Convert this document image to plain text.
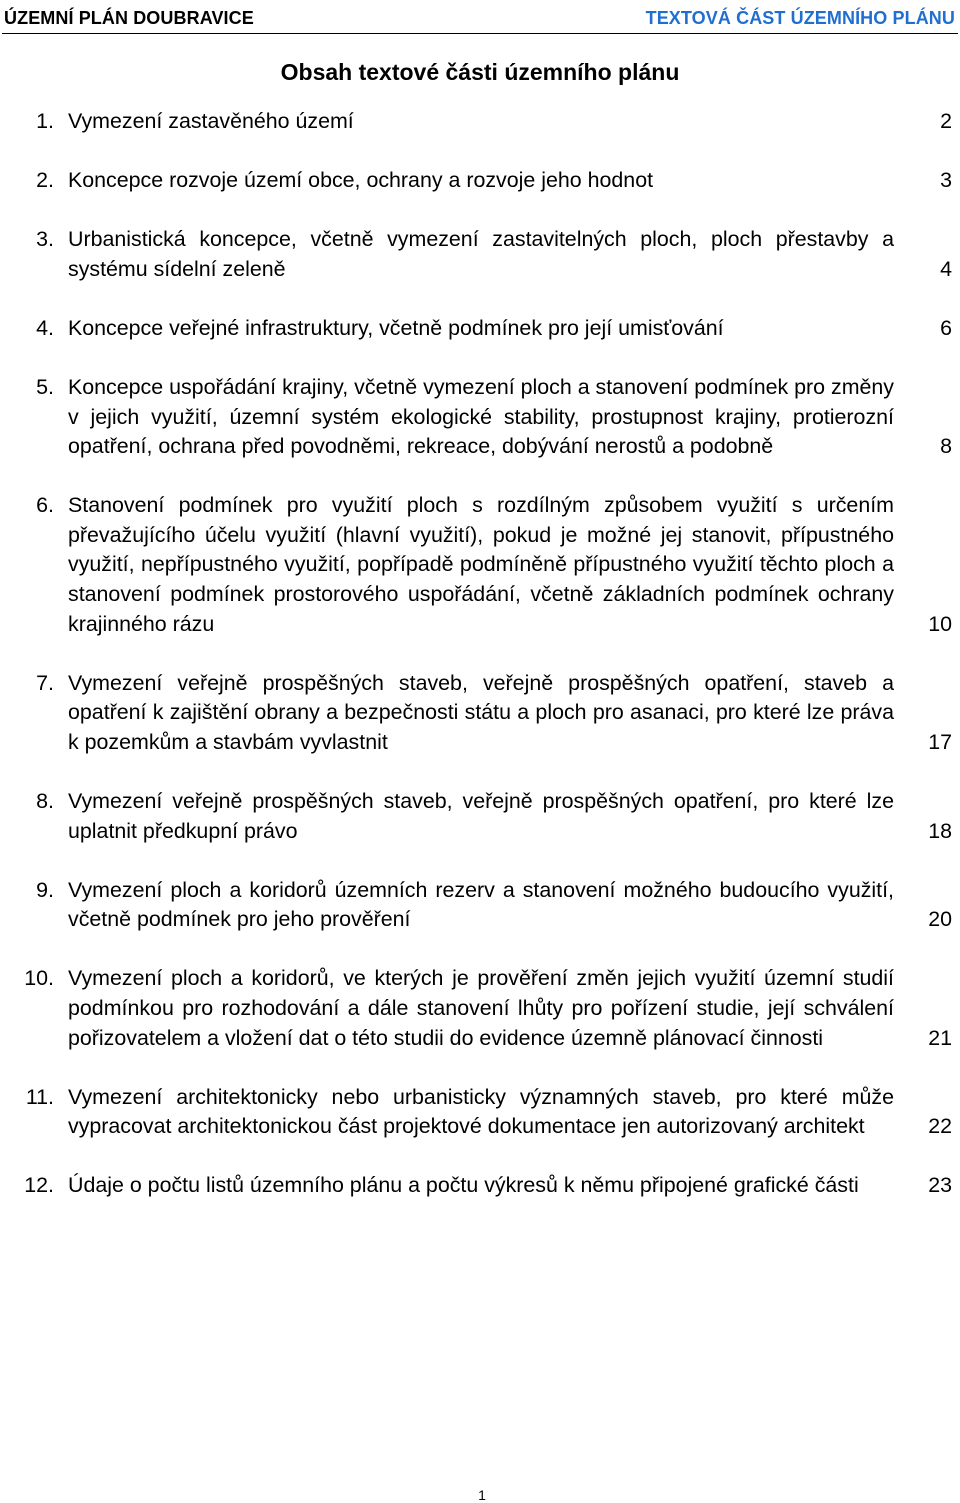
ÚZEMNÍ PLÁN DOUBRAVICE	TEXTOVÁ ČÁST ÚZEMNÍHO PLÁNU
Obsah textové části územního plánu
1. Vymezení zastavěného území	2
2. Koncepce rozvoje území obce, ochrany a rozvoje jeho hodnot	3
3. Urbanistická koncepce, včetně vymezení zastavitelných ploch, ploch přestavby a systému sídelní zeleně	4
4. Koncepce veřejné infrastruktury, včetně podmínek pro její umisťování	6
5. Koncepce uspořádání krajiny, včetně vymezení ploch a stanovení podmínek pro změny v jejich využití, územní systém ekologické stability, prostupnost krajiny, protierozní opatření, ochrana před povodněmi, rekreace, dobývání nerostů a podobně	8
6. Stanovení podmínek pro využití ploch s rozdílným způsobem využití s určením převažujícího účelu využití (hlavní využití), pokud je možné jej stanovit, přípustného využití, nepřípustného využití, popřípadě podmíněně přípustného využití těchto ploch a stanovení podmínek prostorového uspořádání, včetně základních podmínek ochrany krajinného rázu	10
7. Vymezení veřejně prospěšných staveb, veřejně prospěšných opatření, staveb a opatření k zajištění obrany a bezpečnosti státu a ploch pro asanaci, pro které lze práva k pozemkům a stavbám vyvlastnit	17
8. Vymezení veřejně prospěšných staveb, veřejně prospěšných opatření, pro které lze uplatnit předkupní právo	18
9. Vymezení ploch a koridorů územních rezerv a stanovení možného budoucího využití, včetně podmínek pro jeho prověření	20
10. Vymezení ploch a koridorů, ve kterých je prověření změn jejich využití územní studií podmínkou pro rozhodování a dále stanovení lhůty pro pořízení studie, její schválení pořizovatelem a vložení dat o této studii do evidence územně plánovací činnosti	21
11. Vymezení architektonicky nebo urbanisticky významných staveb, pro které může vypracovat architektonickou část projektové dokumentace jen autorizovaný architekt	22
12. Údaje o počtu listů územního plánu a počtu výkresů k němu připojené grafické části	23
1
